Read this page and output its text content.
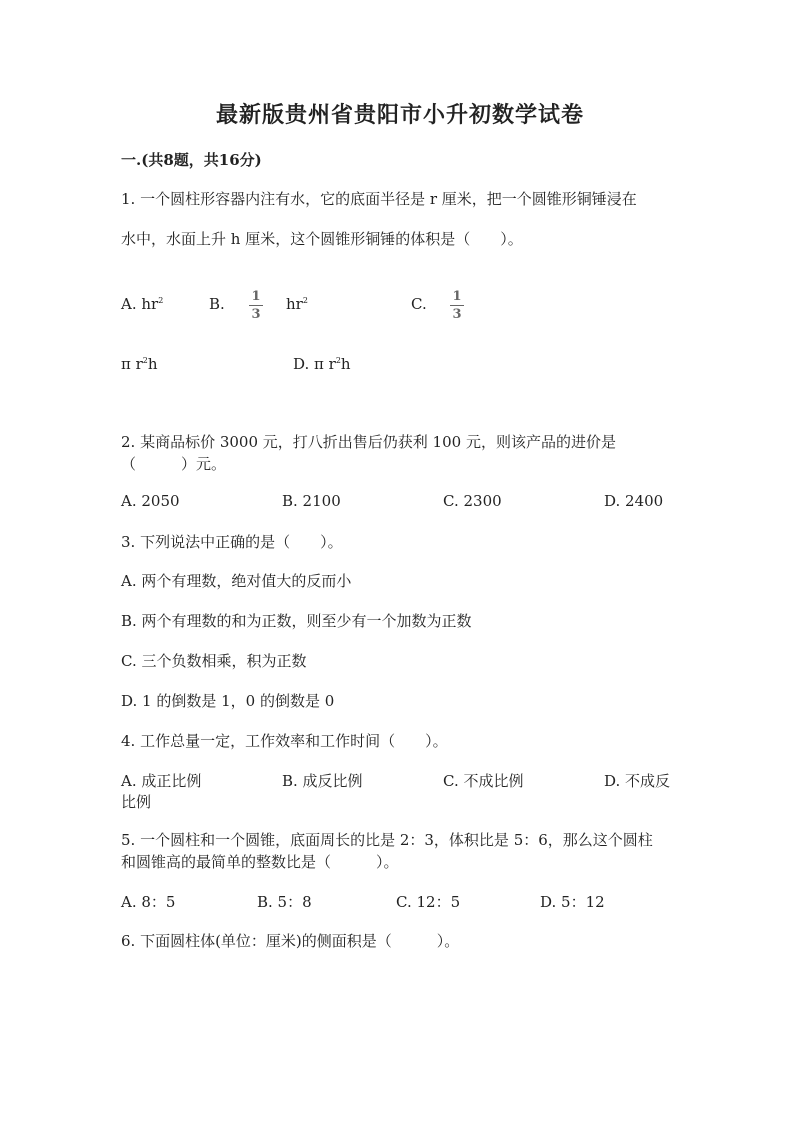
最新版贵州省贵阳市小升初数学试卷
一.(共8题，共16分)
1. 一个圆柱形容器内注有水，它的底面半径是 r 厘米，把一个圆锥形铜锤浸在
水中，水面上升 h 厘米，这个圆锥形铜锤的体积是（　　）。
A. $hr^2$	B. 1
3
$hr^2$	C. 1
3
π $r^2h$	D. π $r^2h$
2. 某商品标价 3000 元，打八折出售后仍获利 100 元，则该产品的进价是
（　　　）元。
A. 2050	B. 2100	C. 2300	D. 2400
3. 下列说法中正确的是（　　）。
A. 两个有理数，绝对值大的反而小
B. 两个有理数的和为正数，则至少有一个加数为正数
C. 三个负数相乘，积为正数
D. 1 的倒数是 1，0 的倒数是 0
4. 工作总量一定，工作效率和工作时间（　　）。
A. 成正比例	B. 成反比例	C. 不成比例	D. 不成反
比例
5. 一个圆柱和一个圆锥，底面周长的比是 2：3，体积比是 5：6，那么这个圆柱
和圆锥高的最简单的整数比是（　　　）。
A. 8：5	B. 5：8	C. 12：5	D. 5：12
6. 下面圆柱体(单位：厘米)的侧面积是（　　　）。
